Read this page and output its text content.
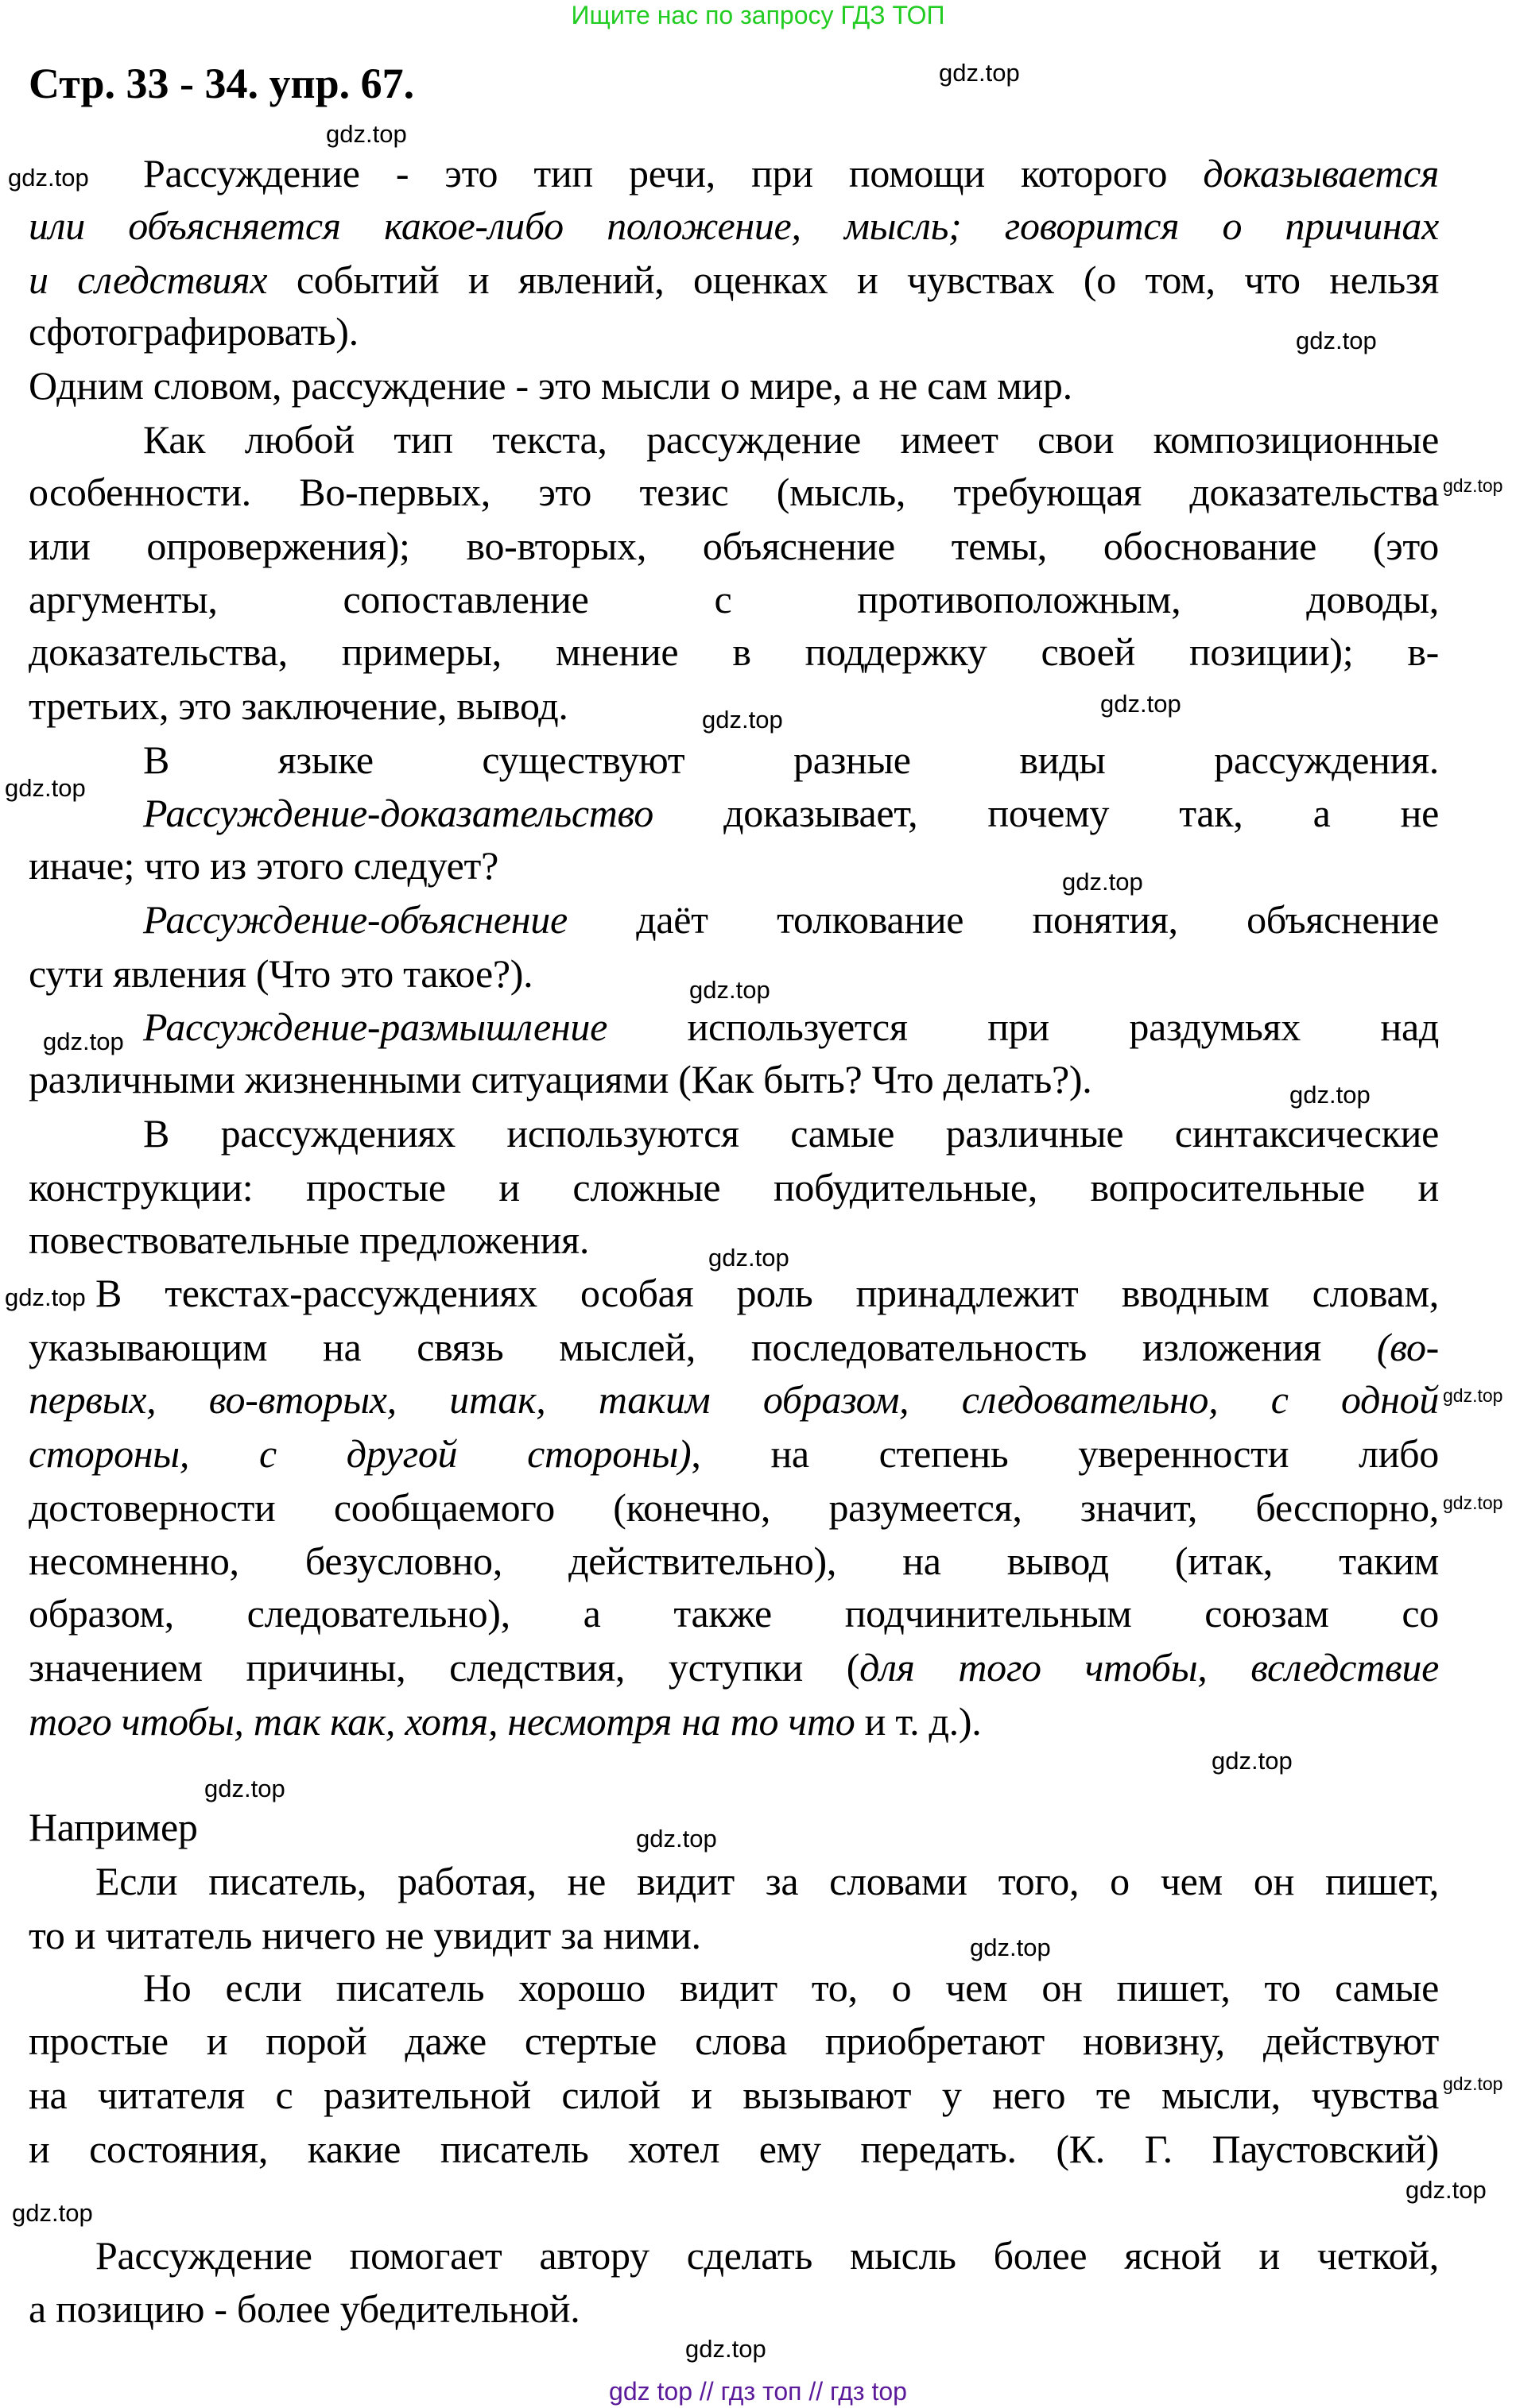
Ищите нас по запросу ГДЗ ТОП
Стр. 33 - 34. упр. 67.
Рассуждение - это тип речи, при помощи которого доказывается
или объясняется какое-либо положение, мысль; говорится о причинах
и следствиях событий и явлений, оценках и чувствах (о том, что нельзя
сфотографировать).
Одним словом, рассуждение - это мысли о мире, а не сам мир.
Как любой тип текста, рассуждение имеет свои композиционные
особенности. Во-первых, это тезис (мысль, требующая доказательства
или опровержения); во-вторых, объяснение темы, обоснование (это
аргументы, сопоставление с противоположным, доводы,
доказательства, примеры, мнение в поддержку своей позиции); в-
третьих, это заключение, вывод.
В языке существуют разные виды рассуждения.
Рассуждение-доказательство доказывает, почему так, а не
иначе; что из этого следует?
Рассуждение-объяснение даёт толкование понятия, объяснение
сути явления (Что это такое?).
Рассуждение-размышление используется при раздумьях над
различными жизненными ситуациями (Как быть? Что делать?).
В рассуждениях используются самые различные синтаксические
конструкции: простые и сложные побудительные, вопросительные и
повествовательные предложения.
В текстах-рассуждениях особая роль принадлежит вводным словам,
указывающим на связь мыслей, последовательность изложения (во-
первых, во-вторых, итак, таким образом, следовательно, с одной
стороны, с другой стороны), на степень уверенности либо
достоверности сообщаемого (конечно, разумеется, значит, бесспорно,
несомненно, безусловно, действительно), на вывод (итак, таким
образом, следовательно), а также подчинительным союзам со
значением причины, следствия, уступки (для того чтобы, вследствие
того чтобы, так как, хотя, несмотря на то что и т. д.).
Например
Если писатель, работая, не видит за словами того, о чем он пишет,
то и читатель ничего не увидит за ними.
Но если писатель хорошо видит то, о чем он пишет, то самые
простые и порой даже стертые слова приобретают новизну, действуют
на читателя с разительной силой и вызывают у него те мысли, чувства
и состояния, какие писатель хотел ему передать. (К. Г. Паустовский)
Рассуждение помогает автору сделать мысль более ясной и четкой,
а позицию - более убедительной.
gdz.top
gdz.top
gdz.top
gdz.top
gdz.top
gdz.top
gdz.top
gdz.top
gdz.top
gdz.top
gdz.top
gdz.top
gdz.top
gdz.top
gdz.top
gdz.top
gdz.top
gdz.top
gdz.top
gdz.top
gdz.top
gdz.top
gdz.top
gdz.top
gdz top // гдз топ // гдз top
